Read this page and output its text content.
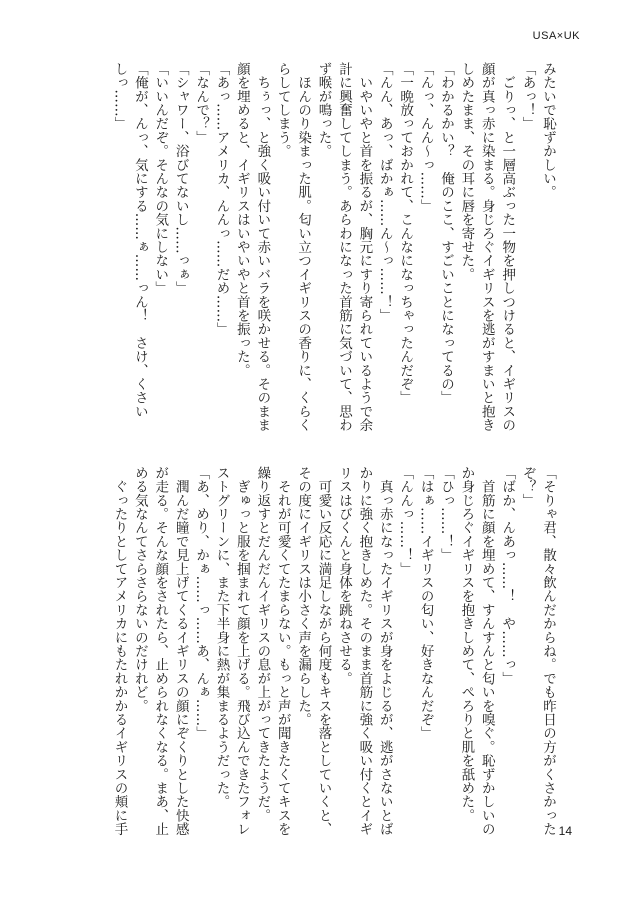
USA×UK
みたいで恥ずかしい。
「あっ！」
　ごりっ、と一層高ぶった一物を押しつけると、イギリスの
顔が真っ赤に染まる。身じろぐイギリスを逃がすまいと抱き
しめたまま、その耳に唇を寄せた。
「わかるかい？　俺のここ、すごいことになってるの」
「んっ、んん〜っ……」
「一晩放っておかれて、こんなになっちゃったんだぞ」
「んん、あっ、ばかぁ……ん〜っ……！」
　いやいやと首を振るが、胸元にすり寄られているようで余
計に興奮してしまう。あらわになった首筋に気づいて、思わ
ず喉が鳴った。
　ほんのり染まった肌。匂い立つイギリスの香りに、くらく
らしてしまう。
　ちぅっ、と強く吸い付いて赤いバラを咲かせる。そのまま
顔を埋めると、イギリスはいやいやと首を振った。
「あっ……アメリカ、んんっ……だめ……」
「なんで？」
「シャワー、浴びてないし……っぁ」
「いいんだぞ。そんなの気にしない」
「俺が、んっ、気にする……ぁ……っん！　さけ、くさい
しっ……」
「そりゃ君、散々飲んだからね。でも昨日の方がくさかった
ぞ？」
「ばか、んあっ……！　や……っ」
　首筋に顔を埋めて、すんすんと匂いを嗅ぐ。恥ずかしいの
か身じろぐイギリスを抱きしめて、ぺろりと肌を舐めた。
「ひっ……！」
「はぁ……イギリスの匂い、好きなんだぞ」
「んんっ……！」
　真っ赤になったイギリスが身をよじるが、逃がさないとば
かりに強く抱きしめた。そのまま首筋に強く吸い付くとイギ
リスはびくんと身体を跳ねさせる。
　可愛い反応に満足しながら何度もキスを落としていくと、
その度にイギリスは小さく声を漏らした。
　それが可愛くてたまらない。もっと声が聞きたくてキスを
繰り返すとだんだんイギリスの息が上がってきたようだ。
　ぎゅっと服を掴まれて顔を上げる。飛び込んできたフォレ
ストグリーンに、また下半身に熱が集まるようだった。
「あ、めり、かぁ……っ……あ、んぁ……」
　潤んだ瞳で見上げてくるイギリスの顔にぞくりとした快感
が走る。そんな顔をされたら、止められなくなる。まあ、止
める気なんてさらさらないのだけれど。
　ぐったりとしてアメリカにもたれかかるイギリスの頬に手	14
